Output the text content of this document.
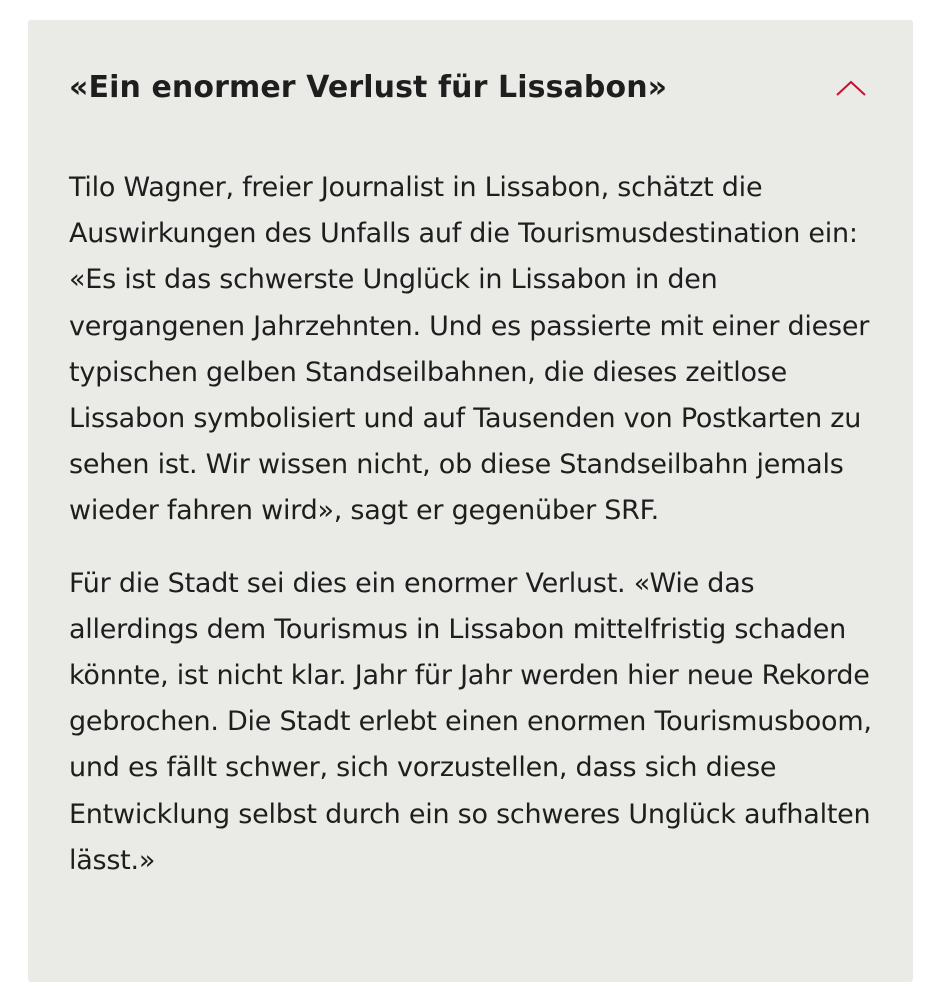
«Ein enormer Verlust für Lissabon»

Tilo Wagner, freier Journalist in Lissabon, schätzt die Auswirkungen des Unfalls auf die Tourismusdestination ein: «Es ist das schwerste Unglück in Lissabon in den vergangenen Jahrzehnten. Und es passierte mit einer dieser typischen gelben Standseilbahnen, die dieses zeitlose Lissabon symbolisiert und auf Tausenden von Postkarten zu sehen ist. Wir wissen nicht, ob diese Standseilbahn jemals wieder fahren wird», sagt er gegenüber SRF.

Für die Stadt sei dies ein enormer Verlust. «Wie das allerdings dem Tourismus in Lissabon mittelfristig schaden könnte, ist nicht klar. Jahr für Jahr werden hier neue Rekorde gebrochen. Die Stadt erlebt einen enormen Tourismusboom, und es fällt schwer, sich vorzustellen, dass sich diese Entwicklung selbst durch ein so schweres Unglück aufhalten lässt.»
